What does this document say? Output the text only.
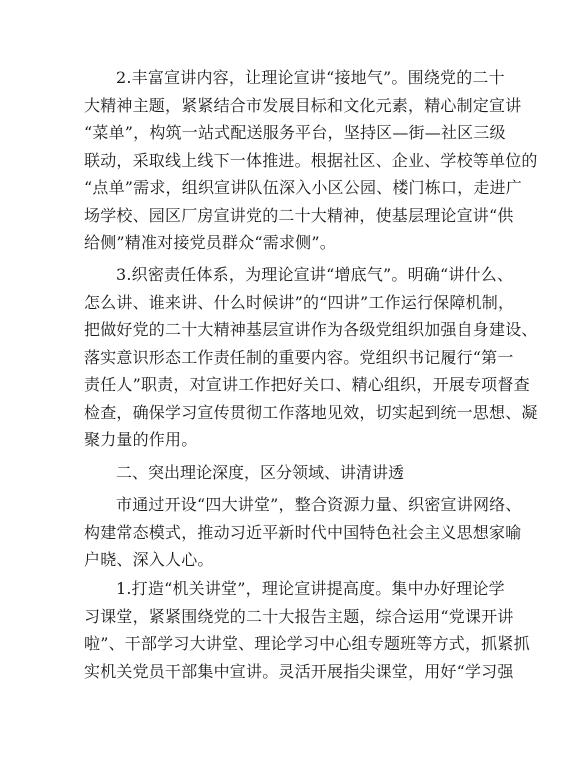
2.丰富宣讲内容，让理论宣讲“接地气”。围绕党的二十
大精神主题，紧紧结合市发展目标和文化元素，精心制定宣讲
“菜单”，构筑一站式配送服务平台，坚持区—街—社区三级
联动，采取线上线下一体推进。根据社区、企业、学校等单位的
“点单”需求，组织宣讲队伍深入小区公园、楼门栋口，走进广
场学校、园区厂房宣讲党的二十大精神，使基层理论宣讲“供
给侧”精准对接党员群众“需求侧”。
3.织密责任体系，为理论宣讲“增底气”。明确“讲什么、
怎么讲、谁来讲、什么时候讲”的“四讲”工作运行保障机制，
把做好党的二十大精神基层宣讲作为各级党组织加强自身建设、
落实意识形态工作责任制的重要内容。党组织书记履行“第一
责任人”职责，对宣讲工作把好关口、精心组织，开展专项督查
检查，确保学习宣传贯彻工作落地见效，切实起到统一思想、凝
聚力量的作用。
二、突出理论深度，区分领域、讲清讲透
市通过开设“四大讲堂”，整合资源力量、织密宣讲网络、
构建常态模式，推动习近平新时代中国特色社会主义思想家喻
户晓、深入人心。
1.打造“机关讲堂”，理论宣讲提高度。集中办好理论学
习课堂，紧紧围绕党的二十大报告主题，综合运用“党课开讲
啦”、干部学习大讲堂、理论学习中心组专题班等方式，抓紧抓
实机关党员干部集中宣讲。灵活开展指尖课堂，用好“学习强
